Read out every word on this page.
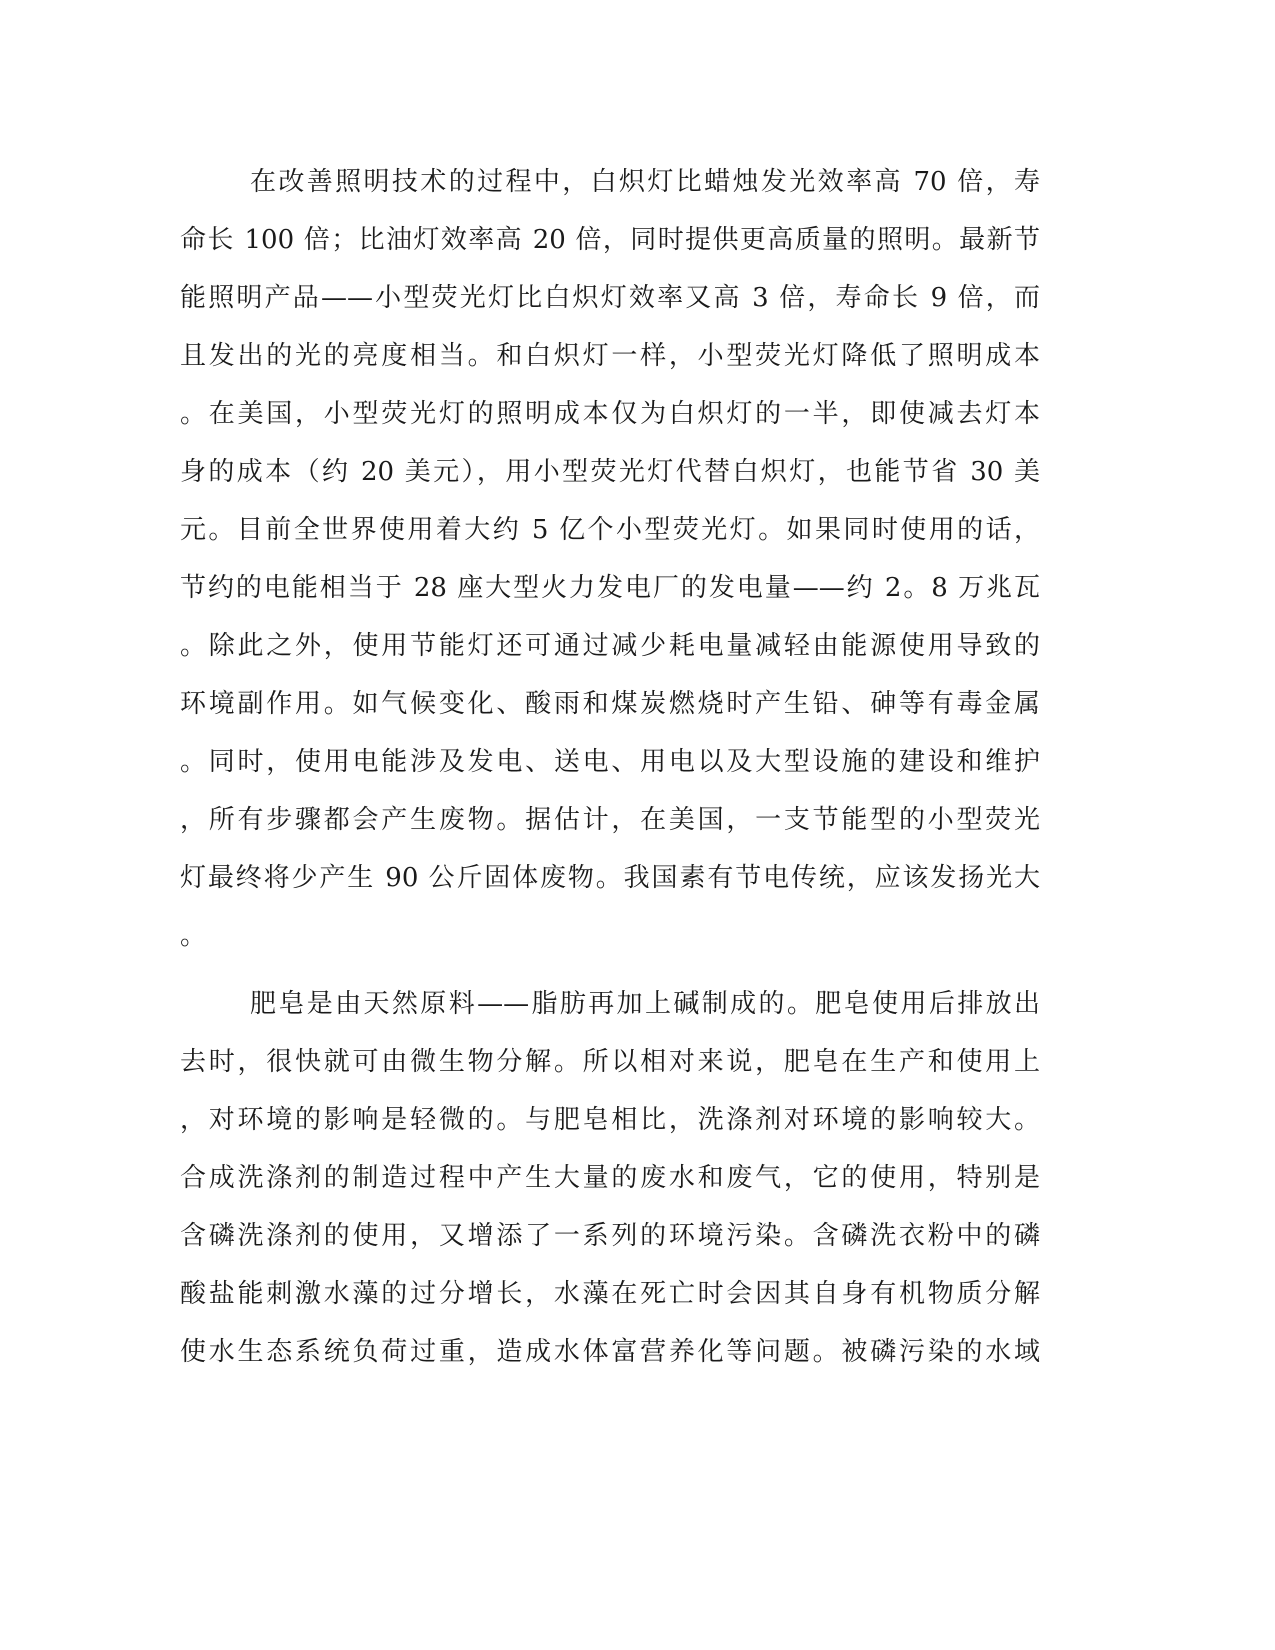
在改善照明技术的过程中，白炽灯比蜡烛发光效率高 70 倍，寿
命长 100 倍；比油灯效率高 20 倍，同时提供更高质量的照明。最新节
能照明产品——小型荧光灯比白炽灯效率又高 3 倍，寿命长 9 倍，而
且发出的光的亮度相当。和白炽灯一样，小型荧光灯降低了照明成本
。在美国，小型荧光灯的照明成本仅为白炽灯的一半，即使减去灯本
身的成本（约 20 美元），用小型荧光灯代替白炽灯，也能节省 30 美
元。目前全世界使用着大约 5 亿个小型荧光灯。如果同时使用的话，
节约的电能相当于 28 座大型火力发电厂的发电量——约 2。8 万兆瓦
。除此之外，使用节能灯还可通过减少耗电量减轻由能源使用导致的
环境副作用。如气候变化、酸雨和煤炭燃烧时产生铅、砷等有毒金属
。同时，使用电能涉及发电、送电、用电以及大型设施的建设和维护
，所有步骤都会产生废物。据估计，在美国，一支节能型的小型荧光
灯最终将少产生 90 公斤固体废物。我国素有节电传统，应该发扬光大
。
肥皂是由天然原料——脂肪再加上碱制成的。肥皂使用后排放出
去时，很快就可由微生物分解。所以相对来说，肥皂在生产和使用上
，对环境的影响是轻微的。与肥皂相比，洗涤剂对环境的影响较大。
合成洗涤剂的制造过程中产生大量的废水和废气，它的使用，特别是
含磷洗涤剂的使用，又增添了一系列的环境污染。含磷洗衣粉中的磷
酸盐能刺激水藻的过分增长，水藻在死亡时会因其自身有机物质分解
使水生态系统负荷过重，造成水体富营养化等问题。被磷污染的水域
